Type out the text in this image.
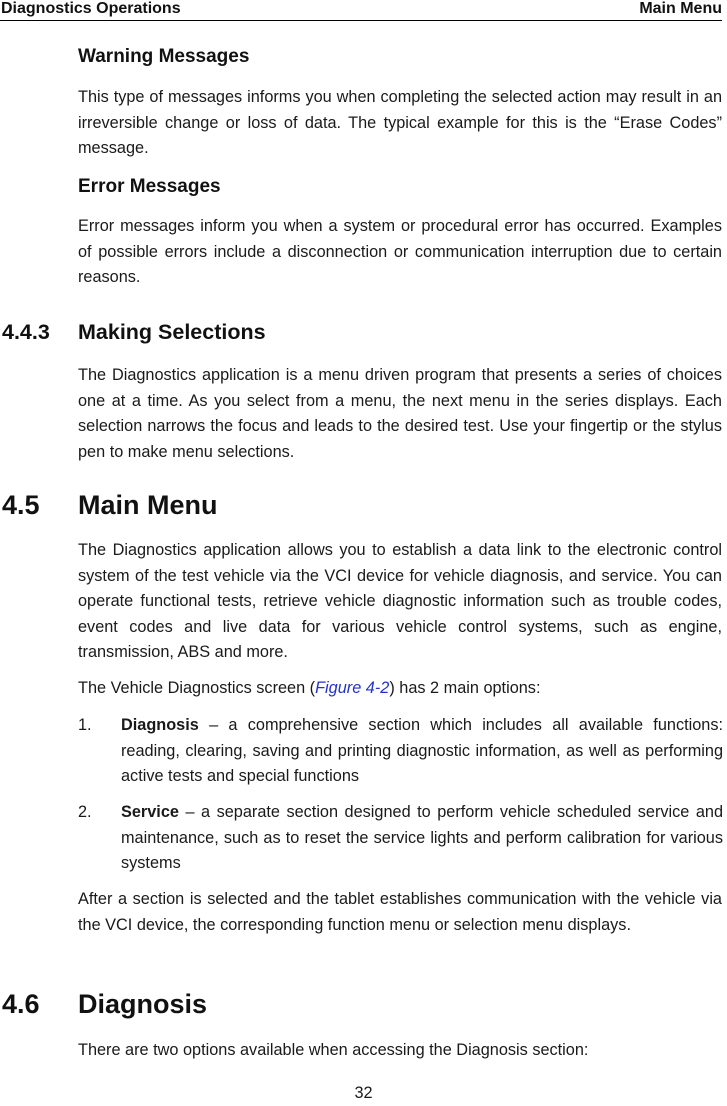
Diagnostics Operations	Main Menu
Warning Messages

This type of messages informs you when completing the selected action may result in an irreversible change or loss of data. The typical example for this is the “Erase Codes” message.

Error Messages

Error messages inform you when a system or procedural error has occurred. Examples of possible errors include a disconnection or communication interruption due to certain reasons.

4.4.3 Making Selections

The Diagnostics application is a menu driven program that presents a series of choices one at a time. As you select from a menu, the next menu in the series displays. Each selection narrows the focus and leads to the desired test. Use your fingertip or the stylus pen to make menu selections.

4.5 Main Menu

The Diagnostics application allows you to establish a data link to the electronic control system of the test vehicle via the VCI device for vehicle diagnosis, and service. You can operate functional tests, retrieve vehicle diagnostic information such as trouble codes, event codes and live data for various vehicle control systems, such as engine, transmission, ABS and more.

The Vehicle Diagnostics screen (Figure 4-2) has 2 main options:

1. Diagnosis – a comprehensive section which includes all available functions: reading, clearing, saving and printing diagnostic information, as well as performing active tests and special functions

2. Service – a separate section designed to perform vehicle scheduled service and maintenance, such as to reset the service lights and perform calibration for various systems

After a section is selected and the tablet establishes communication with the vehicle via the VCI device, the corresponding function menu or selection menu displays.

4.6 Diagnosis

There are two options available when accessing the Diagnosis section:

32
